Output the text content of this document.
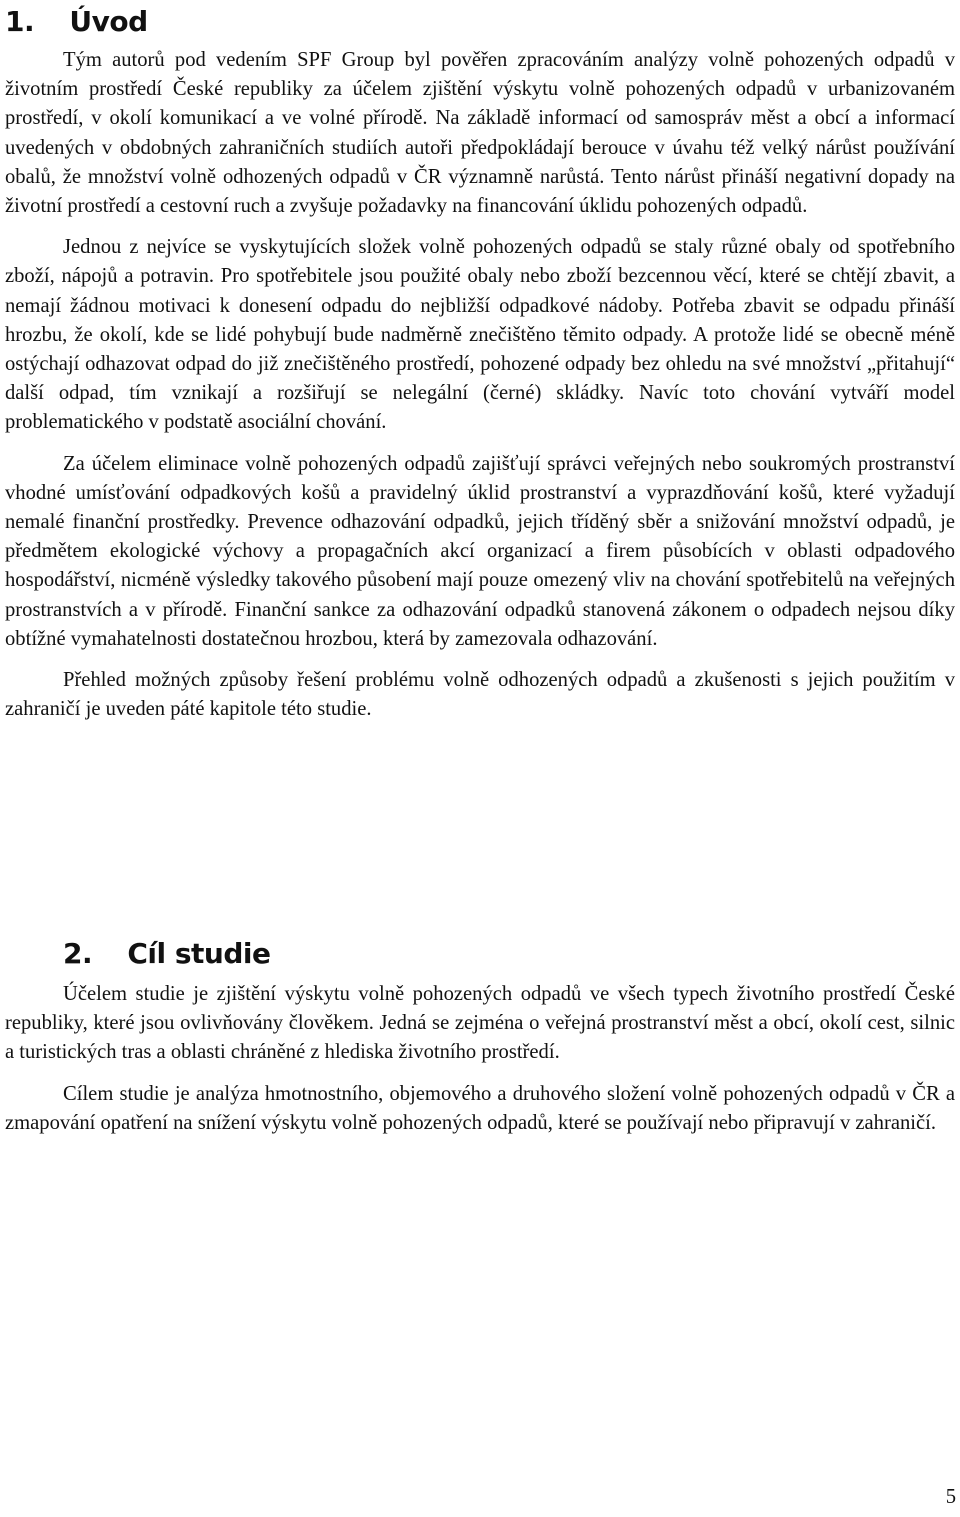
1. Úvod

Tým autorů pod vedením SPF Group byl pověřen zpracováním analýzy volně pohozených odpadů v životním prostředí České republiky za účelem zjištění výskytu volně pohozených odpadů v urbanizovaném prostředí, v okolí komunikací a ve volné přírodě. Na základě informací od samospráv měst a obcí a informací uvedených v obdobných zahraničních studiích autoři předpokládají berouce v úvahu též velký nárůst používání obalů, že množství volně odhozených odpadů v ČR významně narůstá. Tento nárůst přináší negativní dopady na životní prostředí a cestovní ruch a zvyšuje požadavky na financování úklidu pohozených odpadů.

Jednou z nejvíce se vyskytujících složek volně pohozených odpadů se staly různé obaly od spotřebního zboží, nápojů a potravin. Pro spotřebitele jsou použité obaly nebo zboží bezcennou věcí, které se chtějí zbavit, a nemají žádnou motivaci k donesení odpadu do nejbližší odpadkové nádoby. Potřeba zbavit se odpadu přináší hrozbu, že okolí, kde se lidé pohybují bude nadměrně znečištěno těmito odpady. A protože lidé se obecně méně ostýchají odhazovat odpad do již znečištěného prostředí, pohozené odpady bez ohledu na své množství „přitahují“ další odpad, tím vznikají a rozšiřují se nelegální (černé) skládky. Navíc toto chování vytváří model problematického v podstatě asociální chování.

Za účelem eliminace volně pohozených odpadů zajišťují správci veřejných nebo soukromých prostranství vhodné umísťování odpadkových košů a pravidelný úklid prostranství a vyprazdňování košů, které vyžadují nemalé finanční prostředky. Prevence odhazování odpadků, jejich tříděný sběr a snižování množství odpadů, je předmětem ekologické výchovy a propagačních akcí organizací a firem působících v oblasti odpadového hospodářství, nicméně výsledky takového působení mají pouze omezený vliv na chování spotřebitelů na veřejných prostranstvích a v přírodě. Finanční sankce za odhazování odpadků stanovená zákonem o odpadech nejsou díky obtížné vymahatelnosti dostatečnou hrozbou, která by zamezovala odhazování.

Přehled možných způsoby řešení problému volně odhozených odpadů a zkušenosti s jejich použitím v zahraničí je uveden páté kapitole této studie.

2. Cíl studie

Účelem studie je zjištění výskytu volně pohozených odpadů ve všech typech životního prostředí České republiky, které jsou ovlivňovány člověkem. Jedná se zejména o veřejná prostranství měst a obcí, okolí cest, silnic a turistických tras a oblasti chráněné z hlediska životního prostředí.

Cílem studie je analýza hmotnostního, objemového a druhového složení volně pohozených odpadů v ČR a zmapování opatření na snížení výskytu volně pohozených odpadů, které se používají nebo připravují v zahraničí.

5
